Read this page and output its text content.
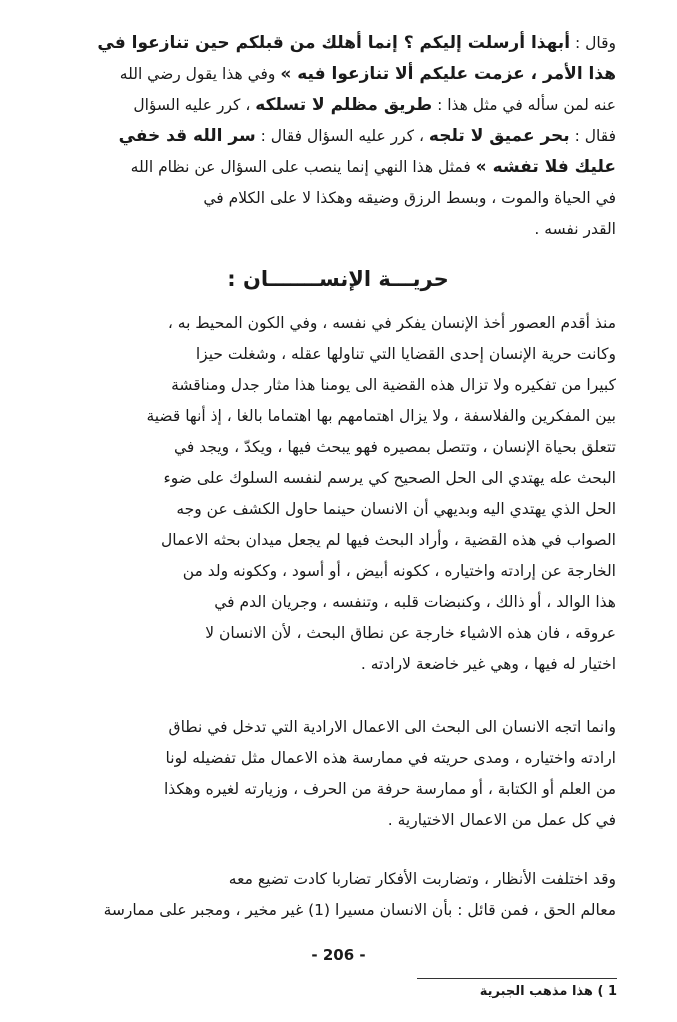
وقال : أبهذا أرسلت إليكم ؟ إنما أهلك من قبلكم حين تنازعوا في
هذا الأمر ، عزمت عليكم ألا تنازعوا فيه » وفي هذا يقول رضي الله
عنه لمن سأله في مثل هذا : طريق مظلم لا تسلكه ، كرر عليه السؤال
فقال : بحر عميق لا تلجه ، كرر عليه السؤال فقال : سر الله قد خفي
عليك فلا تفشه » فمثل هذا النهي إنما ينصب على السؤال عن نظام الله
في الحياة والموت ، وبسط الرزق وضيقه وهكذا لا على الكلام في
القدر نفسه .
حريـــة الإنســـــــان :
منذ أقدم العصور أخذ الإنسان يفكر في نفسه ، وفي الكون المحيط به ،
وكانت حرية الإنسان إحدى القضايا التي تناولها عقله ، وشغلت حيزا
كبيرا من تفكيره ولا تزال هذه القضية الى يومنا هذا مثار جدل ومناقشة
بين المفكرين والفلاسفة ، ولا يزال اهتمامهم بها اهتماما بالغا ، إذ أنها قضية
تتعلق بحياة الإنسان ، وتتصل بمصيره فهو يبحث فيها ، ويكدّ ، ويجد في
البحث عله يهتدي الى الحل الصحيح كي يرسم لنفسه السلوك على ضوء
الحل الذي يهتدي اليه وبديهي أن الانسان حينما حاول الكشف عن وجه
الصواب في هذه القضية ، وأراد البحث فيها لم يجعل ميدان بحثه الاعمال
الخارجة عن إرادته واختياره ، ككونه أبيض ، أو أسود ، وككونه ولد من
هذا الوالد ، أو ذالك ، وكنبضات قلبه ، وتنفسه ، وجريان الدم في
عروقه ، فان هذه الاشياء خارجة عن نطاق البحث ، لأن الانسان لا
اختيار له فيها ، وهي غير خاضعة لارادته .
وانما اتجه الانسان الى البحث الى الاعمال الارادية التي تدخل في نطاق
ارادته واختياره ، ومدى حريته في ممارسة هذه الاعمال مثل تفضيله لونا
من العلم أو الكتابة ، أو ممارسة حرفة من الحرف ، وزيارته لغيره وهكذا
في كل عمل من الاعمال الاختيارية .
وقد اختلفت الأنظار ، وتضاربت الأفكار تضاربا كادت تضيع معه
معالم الحق ، فمن قائل : بأن الانسان مسيرا (1) غير مخير ، ومجبر على ممارسة
- 206 -
1 ) هذا مذهب الجبرية
